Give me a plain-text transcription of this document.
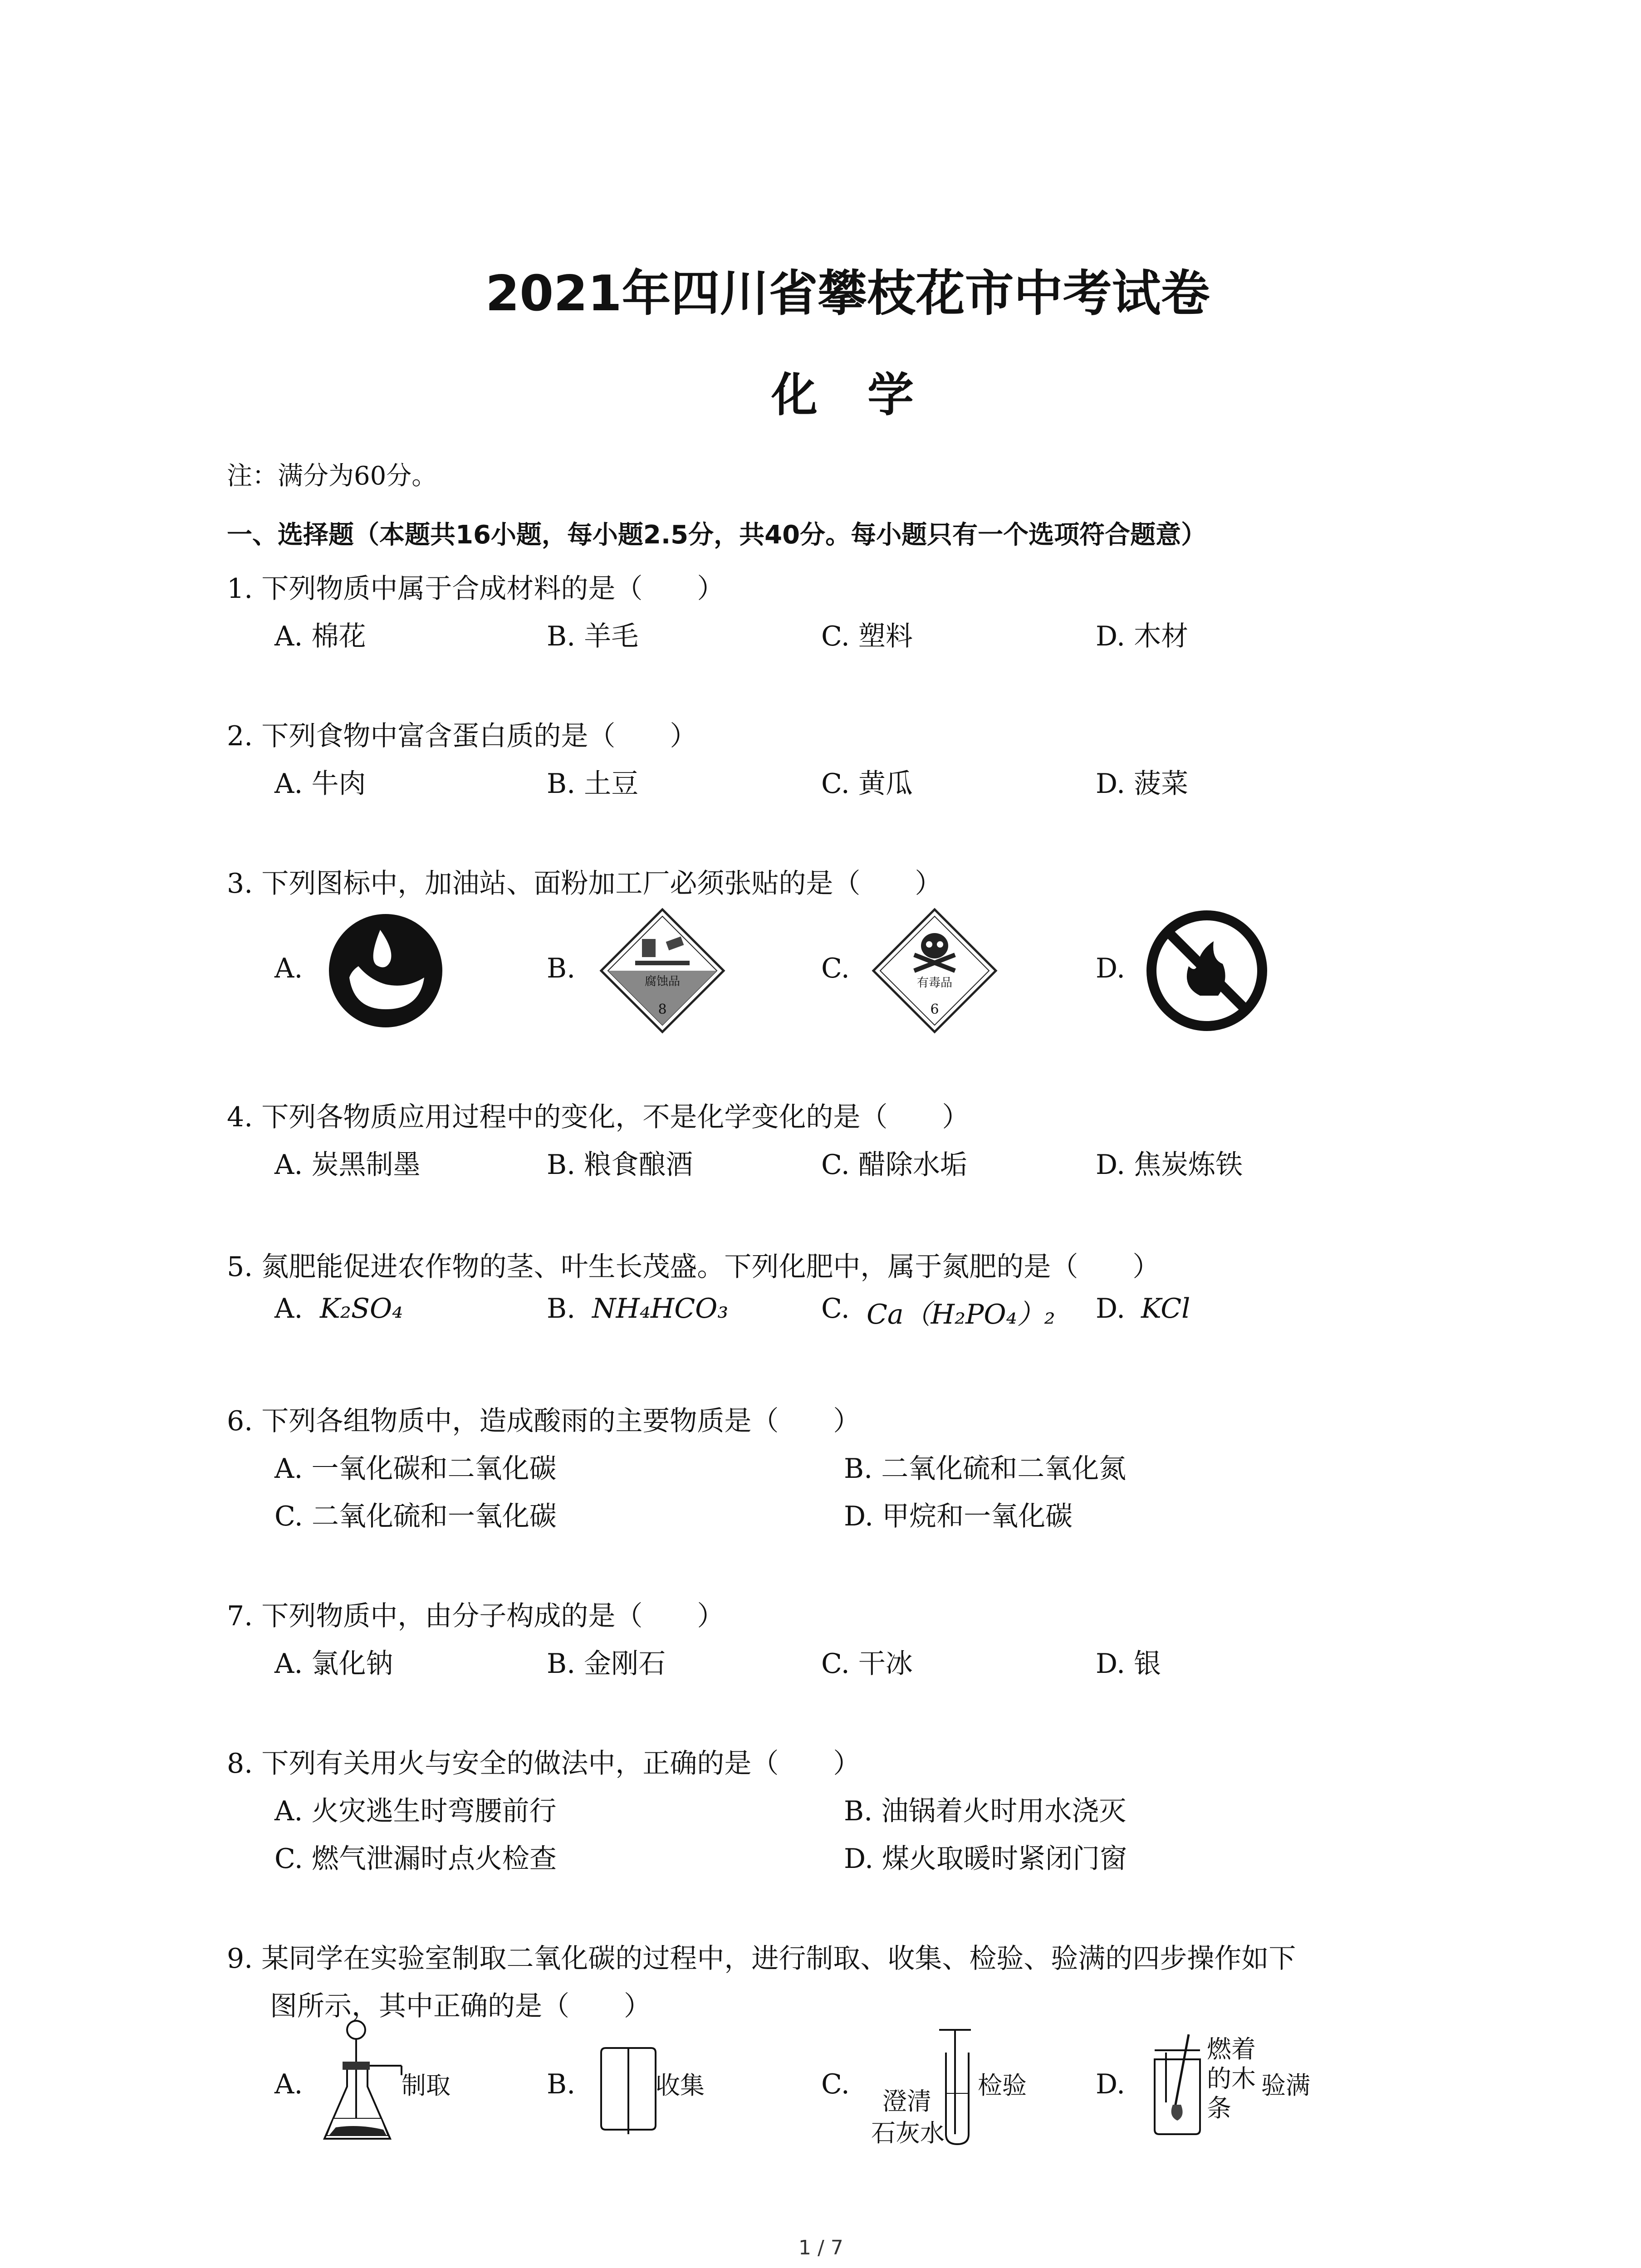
2021年四川省攀枝花市中考试卷
化学
注：满分为60分。
一、选择题（本题共16小题，每小题2.5分，共40分。每小题只有一个选项符合题意）
1. 下列物质中属于合成材料的是（　　）
A. 棉花	B. 羊毛	C. 塑料	D. 木材
2. 下列食物中富含蛋白质的是（　　）
A. 牛肉	B. 土豆	C. 黄瓜	D. 菠菜
3. 下列图标中，加油站、面粉加工厂必须张贴的是（　　）
A.	B.	C.	D.
腐蚀品
8
有毒品
6
4. 下列各物质应用过程中的变化，不是化学变化的是（　　）
A. 炭黑制墨	B. 粮食酿酒	C. 醋除水垢	D. 焦炭炼铁
5. 氮肥能促进农作物的茎、叶生长茂盛。下列化肥中，属于氮肥的是（　　）
A. K₂SO₄	B. NH₄HCO₃	C. Ca（H₂PO₄）₂ D. KCl
6. 下列各组物质中，造成酸雨的主要物质是（　　）
A. 一氧化碳和二氧化碳	B. 二氧化硫和二氧化氮
C. 二氧化硫和一氧化碳	D. 甲烷和一氧化碳
7. 下列物质中，由分子构成的是（　　）
A. 氯化钠	B. 金刚石	C. 干冰	D. 银
8. 下列有关用火与安全的做法中，正确的是（　　）
A. 火灾逃生时弯腰前行	B. 油锅着火时用水浇灭
C. 燃气泄漏时点火检查	D. 煤火取暖时紧闭门窗
9. 某同学在实验室制取二氧化碳的过程中，进行制取、收集、检验、验满的四步操作如下
图所示，其中正确的是（　　）
A.	制取	B.	收集	C.
澄清
石灰水
检验	D.
燃着
的木
条
验满
1 / 7
